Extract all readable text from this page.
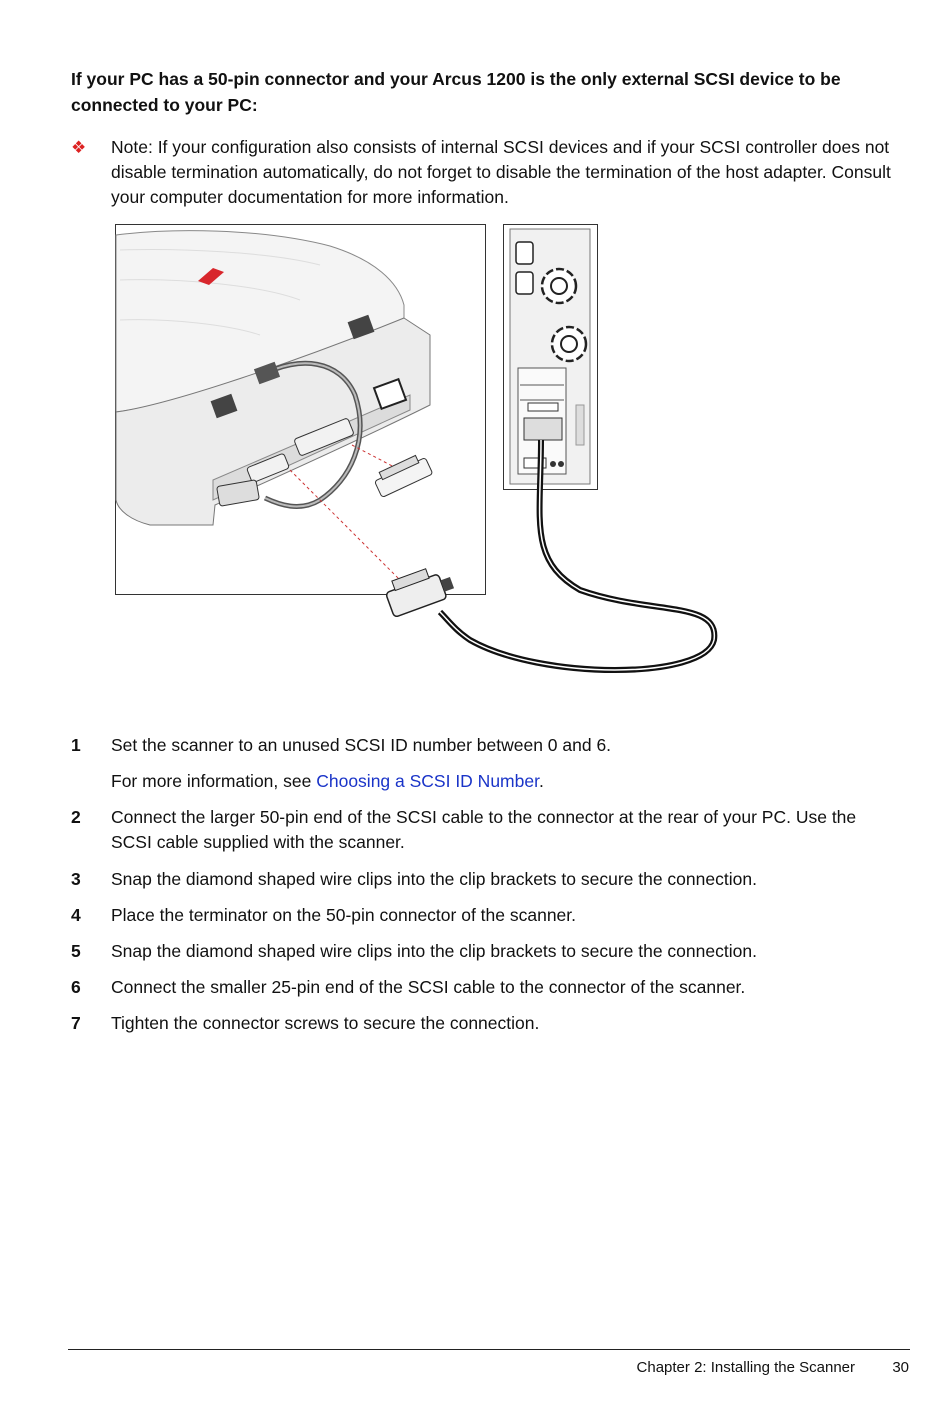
If your PC has a 50-pin connector and your Arcus 1200 is the only external SCSI device to be connected to your PC:
❖ Note: If your configuration also consists of internal SCSI devices and if your SCSI controller does not disable termination automatically, do not forget to disable the termination of the host adapter. Consult your computer documentation for more information.
1 Set the scanner to an unused SCSI ID number between 0 and 6.
For more information, see Choosing a SCSI ID Number.
2 Connect the larger 50-pin end of the SCSI cable to the connector at the rear of your PC. Use the SCSI cable supplied with the scanner.
3 Snap the diamond shaped wire clips into the clip brackets to secure the connection.
4 Place the terminator on the 50-pin connector of the scanner.
5 Snap the diamond shaped wire clips into the clip brackets to secure the connection.
6 Connect the smaller 25-pin end of the SCSI cable to the connector of the scanner.
7 Tighten the connector screws to secure the connection.
Chapter 2: Installing the Scanner 30
